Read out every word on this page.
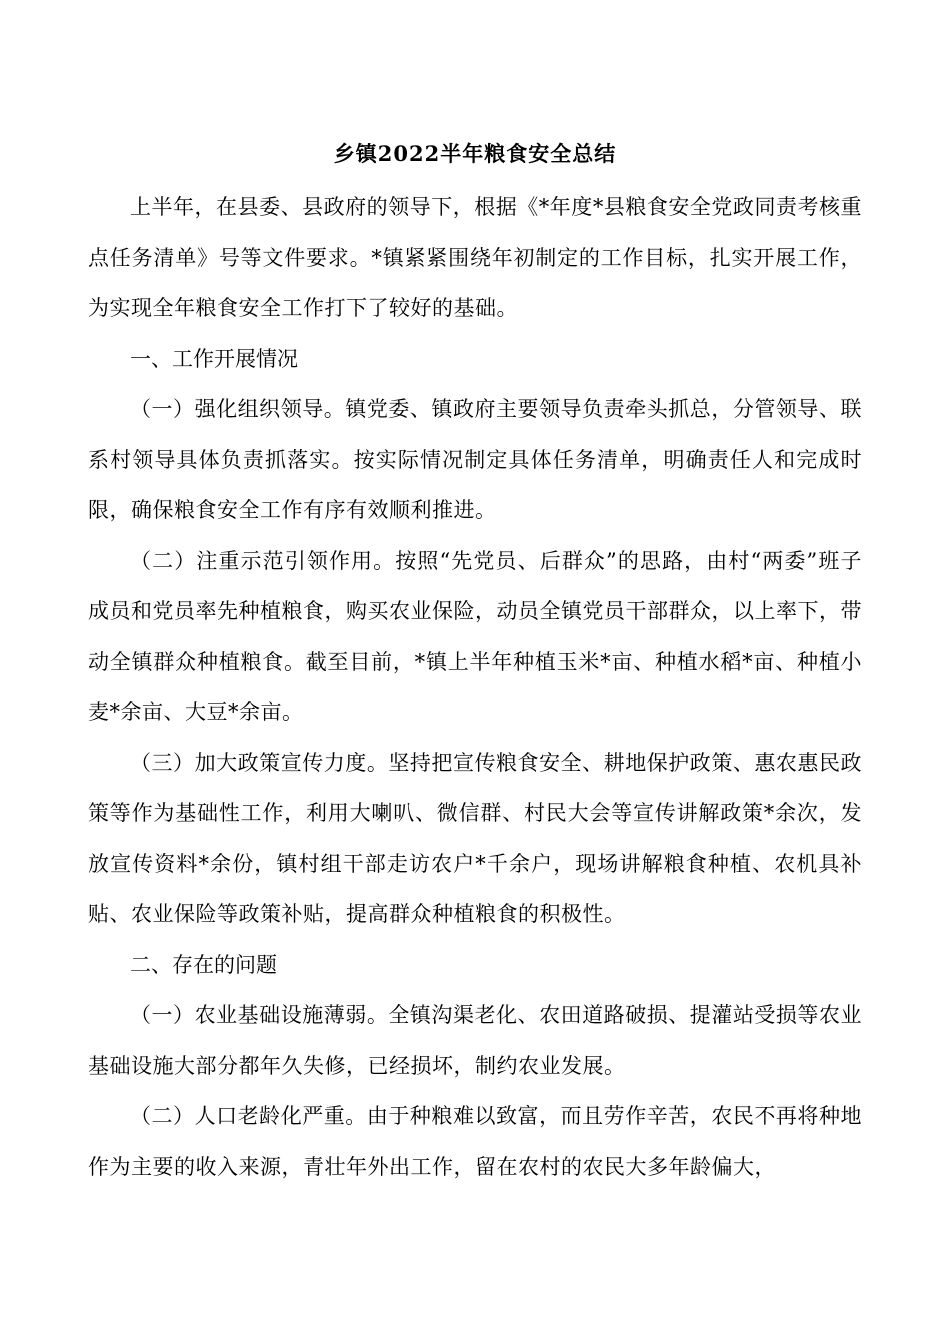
乡镇2022半年粮食安全总结

上半年，在县委、县政府的领导下，根据《*年度*县粮食安全党政同责考核重点任务清单》号等文件要求。*镇紧紧围绕年初制定的工作目标，扎实开展工作，为实现全年粮食安全工作打下了较好的基础。

一、工作开展情况

（一）强化组织领导。镇党委、镇政府主要领导负责牵头抓总，分管领导、联系村领导具体负责抓落实。按实际情况制定具体任务清单，明确责任人和完成时限，确保粮食安全工作有序有效顺利推进。

（二）注重示范引领作用。按照“先党员、后群众”的思路，由村“两委”班子成员和党员率先种植粮食，购买农业保险，动员全镇党员干部群众，以上率下，带动全镇群众种植粮食。截至目前，*镇上半年种植玉米*亩、种植水稻*亩、种植小麦*余亩、大豆*余亩。

（三）加大政策宣传力度。坚持把宣传粮食安全、耕地保护政策、惠农惠民政策等作为基础性工作，利用大喇叭、微信群、村民大会等宣传讲解政策*余次，发放宣传资料*余份，镇村组干部走访农户*千余户，现场讲解粮食种植、农机具补贴、农业保险等政策补贴，提高群众种植粮食的积极性。

二、存在的问题

（一）农业基础设施薄弱。全镇沟渠老化、农田道路破损、提灌站受损等农业基础设施大部分都年久失修，已经损坏，制约农业发展。

（二）人口老龄化严重。由于种粮难以致富，而且劳作辛苦，农民不再将种地作为主要的收入来源，青壮年外出工作，留在农村的农民大多年龄偏大，
